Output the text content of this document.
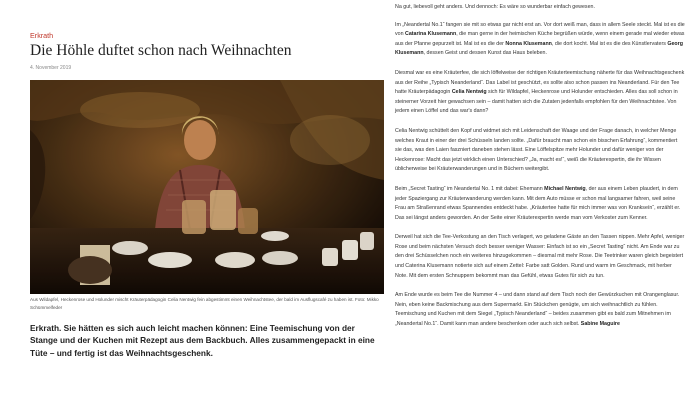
Erkrath
Die Höhle duftet schon nach Weihnachten
4. November 2019
Aus Wildapfel, Heckenrose und Holunder mischt Kräuterpädagogin Celia Nentwig fein abgestimmt einen Weihnachtstee, der bald im Ausflugscafé zu haben ist. Foto: Mikko Schümmelfeder

Erkrath. Sie hätten es sich auch leicht machen können: Eine Teemischung von der Stange und der Kuchen mit Rezept aus dem Backbuch. Alles zusammengepackt in eine Tüte – und fertig ist das Weihnachtsgeschenk.

Na gut, liebevoll geht anders. Und dennoch: Es wäre so wunderbar einfach gewesen.

Im „Neandertal No.1“ fangen sie mit so etwas gar nicht erst an. Vor dort weiß man, dass in allem Seele steckt. Mal ist es die von Catarina Klusemann, die man gerne in der heimischen Küche begrüßen würde, wenn einem gerade mal wieder etwas aus der Pfanne gepurzelt ist. Mal ist es die der Nonna Klusemann, die dort kocht. Mal ist es die des Künstlervaters Georg Klusemann, dessen Geist und dessen Kunst das Haus beleben.

Diesmal war es eine Kräuterfee, die sich löffelweise der richtigen Kräuterteemischung näherte für das Weihnachtsgeschenk aus der Reihe „Typisch Neanderland“. Das Label ist geschützt, es sollte also schon passen ins Neanderland. Für den Tee hatte Kräuterpädagogin Celia Nentwig sich für Wildapfel, Heckenrose und Holunder entschieden. Alles das soll schon in steinerner Vorzeit hier gewachsen sein – damit hatten sich die Zutaten jedenfalls empfohlen für den Weihnachtstee. Von jedem einen Löffel und das war's dann?

Celia Nentwig schüttelt den Kopf und widmet sich mit Leidenschaft der Waage und der Frage danach, in welcher Menge welches Kraut in einer der drei Schüsseln landen sollte. „Dafür braucht man schon ein bisschen Erfahrung“, kommentiert sie das, was den Laien faszniert daneben stehen lässt. Eine Löffelspitze mehr Holunder und dafür weniger von der Heckenrose: Macht das jetzt wirklich einen Unterschied? „Ja, macht es!“, weiß die Kräuterexpertin, die ihr Wissen üblicherweise bei Kräuterwanderungen und in Büchern weitergibt.

Beim „Secret Tasting“ im Neandertal No. 1 mit dabei: Ehemann Michael Nentwig, der aus einem Leben plaudert, in dem jeder Spaziergang zur Kräuterwanderung werden kann. Mit dem Auto müsse er schon mal langsamer fahren, weil seine Frau am Straßenrand etwas Spannendes entdeckt habe. „Kräutertee hatte für mich immer was von Krankseín“, erzählt er. Das sei längst anders geworden. An der Seite einer Kräuterexpertin werde man vom Verkoster zum Kenner.

Derweil hat sich die Tee-Verkostung an den Tisch verlagert, wo geladene Gäste an den Tassen nippen. Mehr Apfel, weniger Rose und beim nächsten Versuch doch besser weniger Wasser: Einfach ist so ein „Secret Tasting“ nicht. Am Ende war zu den drei Schüsselchen noch ein weiteres hinzugekommen – diesmal mit mehr Rose. Die Teetrinker waren gleich begeistert und Caterina Klusemann notierte sich auf einem Zettel: Farbe satt Golden. Rund und warm im Geschmack, mit herber Note. Mit dem ersten Schnuppern bekommt man das Gefühl, etwas Gutes für sich zu tun.

Am Ende wurde es beim Tee die Nummer 4 – und dann stand auf dem Tisch noch der Gewürzkuchen mit Orangenglasur. Nein, eben keine Backmischung aus dem Supermarkt. Ein Stückchen genügte, um sich weihnachtlich zu fühlen. Teemischung und Kuchen mit dem Siegel „Typisch Neanderland“ – beides zusammen gibt es bald zum Mitnehmen im „Neandertal No.1“. Damit kann man andere beschenken oder auch sich selbst. Sabine Maguire
